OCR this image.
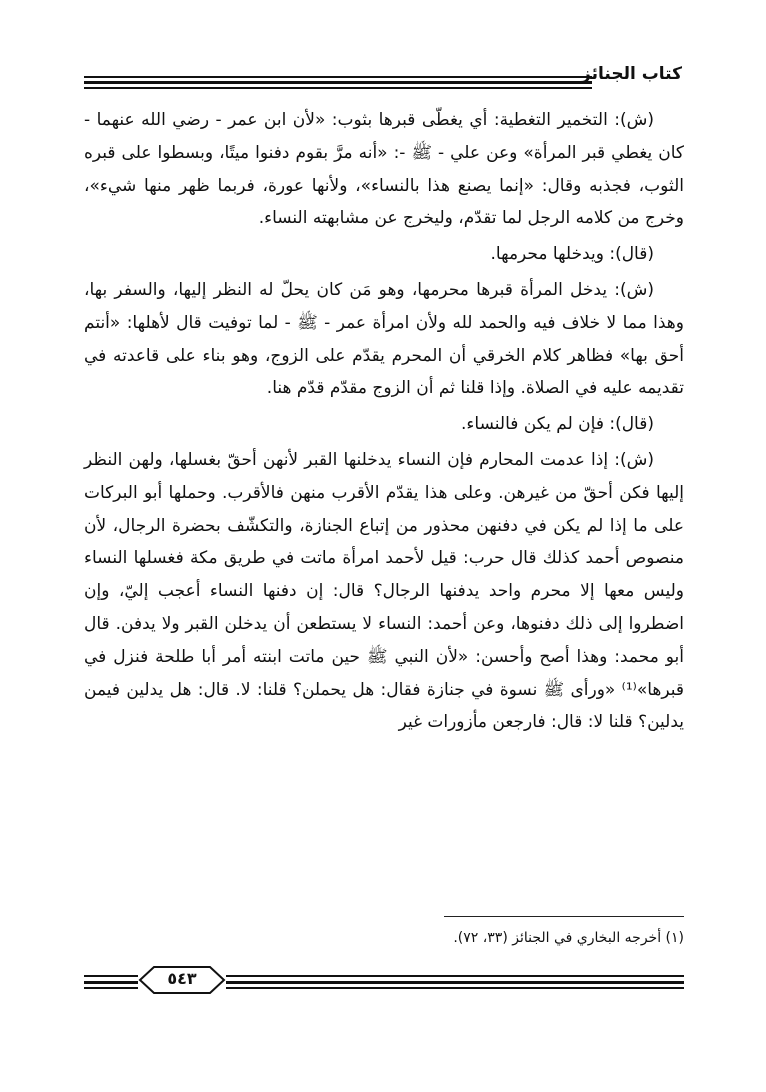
كتاب الجنائز

(ش): التخمير التغطية: أي يغطّى قبرها بثوب: «لأن ابن عمر - رضي الله عنهما - كان يغطي قبر المرأة» وعن علي - ﷺ -: «أنه مرَّ بقوم دفنوا ميتًا، وبسطوا على قبره الثوب، فجذبه وقال: «إنما يصنع هذا بالنساء»، ولأنها عورة، فربما ظهر منها شيء»، وخرج من كلامه الرجل لما تقدّم، وليخرج عن مشابهته النساء.

(قال): ويدخلها محرمها.

(ش): يدخل المرأة قبرها محرمها، وهو مَن كان يحلّ له النظر إليها، والسفر بها، وهذا مما لا خلاف فيه والحمد لله ولأن امرأة عمر - ﷺ - لما توفيت قال لأهلها: «أنتم أحق بها» فظاهر كلام الخرقي أن المحرم يقدّم على الزوج، وهو بناء على قاعدته في تقديمه عليه في الصلاة. وإذا قلنا ثم أن الزوج مقدّم قدّم هنا.

(قال): فإن لم يكن فالنساء.

(ش): إذا عدمت المحارم فإن النساء يدخلنها القبر لأنهن أحقّ بغسلها، ولهن النظر إليها فكن أحقّ من غيرهن. وعلى هذا يقدّم الأقرب منهن فالأقرب. وحملها أبو البركات على ما إذا لم يكن في دفنهن محذور من إتباع الجنازة، والتكشّف بحضرة الرجال، لأن منصوص أحمد كذلك قال حرب: قيل لأحمد امرأة ماتت في طريق مكة فغسلها النساء وليس معها إلا محرم واحد يدفنها الرجال؟ قال: إن دفنها النساء أعجب إليّ، وإن اضطروا إلى ذلك دفنوها، وعن أحمد: النساء لا يستطعن أن يدخلن القبر ولا يدفن. قال أبو محمد: وهذا أصح وأحسن: «لأن النبي ﷺ حين ماتت ابنته أمر أبا طلحة فنزل في قبرها»⁽¹⁾ «ورأى ﷺ نسوة في جنازة فقال: هل يحملن؟ قلنا: لا. قال: هل يدلين فيمن يدلين؟ قلنا لا: قال: فارجعن مأزورات غير

(١) أخرجه البخاري في الجنائز (٣٣، ٧٢).
٥٤٣
